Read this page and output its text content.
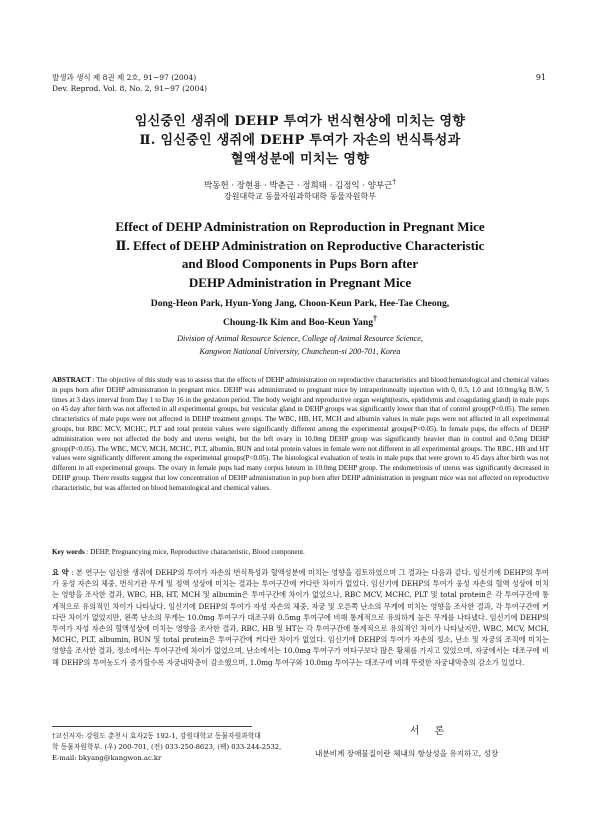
발생과 생식 제 8권 제 2호, 91~97 (2004)
Dev. Reprod. Vol. 8, No. 2, 91~97 (2004)
91
임신중인 생쥐에 DEHP 투여가 번식현상에 미치는 영향
Ⅱ. 임신중인 생쥐에 DEHP 투여가 자손의 번식특성과
혈액성분에 미치는 영향
박동헌 · 장현용 · 박춘근 · 정희태 · 김정익 · 양부근†
강원대학교 동물자원과학대학 동물자원학부
Effect of DEHP Administration on Reproduction in Pregnant Mice
Ⅱ. Effect of DEHP Administration on Reproductive Characteristic
and Blood Components in Pups Born after
DEHP Administration in Pregnant Mice
Dong-Heon Park, Hyun-Yong Jang, Choon-Keun Park, Hee-Tae Cheong,
Choung-Ik Kim and Boo-Keun Yang†
Division of Animal Resource Science, College of Animal Resource Science,
Kangwon National University, Chuncheon-si 200-701, Korea
ABSTRACT : The objective of this study was to assess that the effects of DEHP administration on reproductive characteristics and blood hematological and chemical values in pups born after DEHP administration in pregnant mice. DEHP was administrated to pregnant mice by intraperitoneally injection with 0, 0.5, 1.0 and 10.0mg/kg B.W, 5 times at 3 days interval from Day 1 to Day 16 in the gestation period. The body weight and reproductive organ weight(testis, epididymis and coagulating gland) in male pups on 45 day after birth was not affected in all experimental groups, but vesicular gland in DEHP groups was significantly lower than that of control group(P<0.05). The semen chracteristics of male pups were not affected in DEHP treatment groups. The WBC, HB, HT, MCH and albumin values in male pups were not affected in all experimental groups, but RBC MCV, MCHC, PLT and total protein values were significantly different among the experimental groups(P<0.05). In female pups, the effects of DEHP administration were not affected the body and uterus weight, but the left ovary in 10.0mg DEHP group was significantly heavier than in control and 0.5mg DEHP group(P<0.05). The WBC, MCV, MCH, MCHC, PLT, albumin, BUN and total protein values in female were not different in all experimental groups. The RBC, HB and HT values were significantly different among the experimental groups(P<0.05). The histological evaluation of testis in male pups that were grown to 45 days after birth was not different in all experimental groups. The ovary in female pups had many corpus luteum in 10.0mg DEHP group. The endometriosis of uterus was significantly decreased in DEHP group. There results suggest that low concentration of DEHP administration in pup born after DEHP administration in pregnant mice was not affected on reproductive characteristic, but was affected on blood hematological and chemical values.
Key words : DEHP, Pregnancying mice, Reproductive characteristic, Blood component.
요 약 : 본 연구는 임신한 생쥐에 DEHP의 투여가 자손의 번식특성과 혈액성분에 미치는 영향을 검토하였으며 그 결과는 다음과 같다. 임신기에 DEHP의 투여가 웅성 자손의 체중, 번식기관 무게 및 정액 성상에 미치는 결과는 투여구간에 커다란 차이가 없었다. 임신기에 DEHP의 투여가 웅성 자손의 혈액 성상에 미치는 영향을 조사한 결과, WBC, HB, HT, MCH 및 albumin은 투여구간에 차이가 없었으나, RBC MCV, MCHC, PLT 및 total protein은 각 투여구간에 통계적으로 유의적인 차이가 나타났다. 임신기에 DEHP의 투여가 자성 자손의 체중, 자궁 및 오른쪽 난소의 무게에 미치는 영향을 조사한 결과, 각 투여구간에 커다란 차이가 없었지만, 왼쪽 난소의 무게는 10.0mg 투여구가 대조구와 0.5mg 투여구에 비해 통계적으로 유의하게 높은 무게를 나타냈다. 임신기에 DEHP의 투여가 자성 자손의 혈액성상에 미치는 영향을 조사한 결과, RBC, HB 및 HT는 각 투여구간에 통계적으로 유의적인 차이가 나타났지만, WBC, MCV, MCH, MCHC, PLT, albumin, BUN 및 total protein은 투여구간에 커다란 차이가 없었다. 임신기에 DEHP의 투여가 자손의 정소, 난소 및 자궁의 조직에 미치는 영향을 조사한 결과, 정소에서는 투여구간에 차이가 없었으며, 난소에서는 10.0mg 투여구가 여타구보다 많은 황체를 가지고 있었으며, 자궁에서는 대조구에 비해 DEHP의 투여농도가 증가할수록 자궁내막층이 감소했으며, 1.0mg 투여구와 10.0mg 투여구는 대조구에 비해 뚜렷한 자궁내막층의 감소가 있었다.
†교신저자: 강원도 춘천시 효자2동 192-1, 강원대학교 동물자원과학대
학 동물자원학부. (우) 200-701, (전) 033-250-8623, (팩) 033-244-2532,
E-mail: bkyang@kangwon.ac.kr
서 론
내분비계 장애물질이란 체내의 항상성을 유지하고, 성장
